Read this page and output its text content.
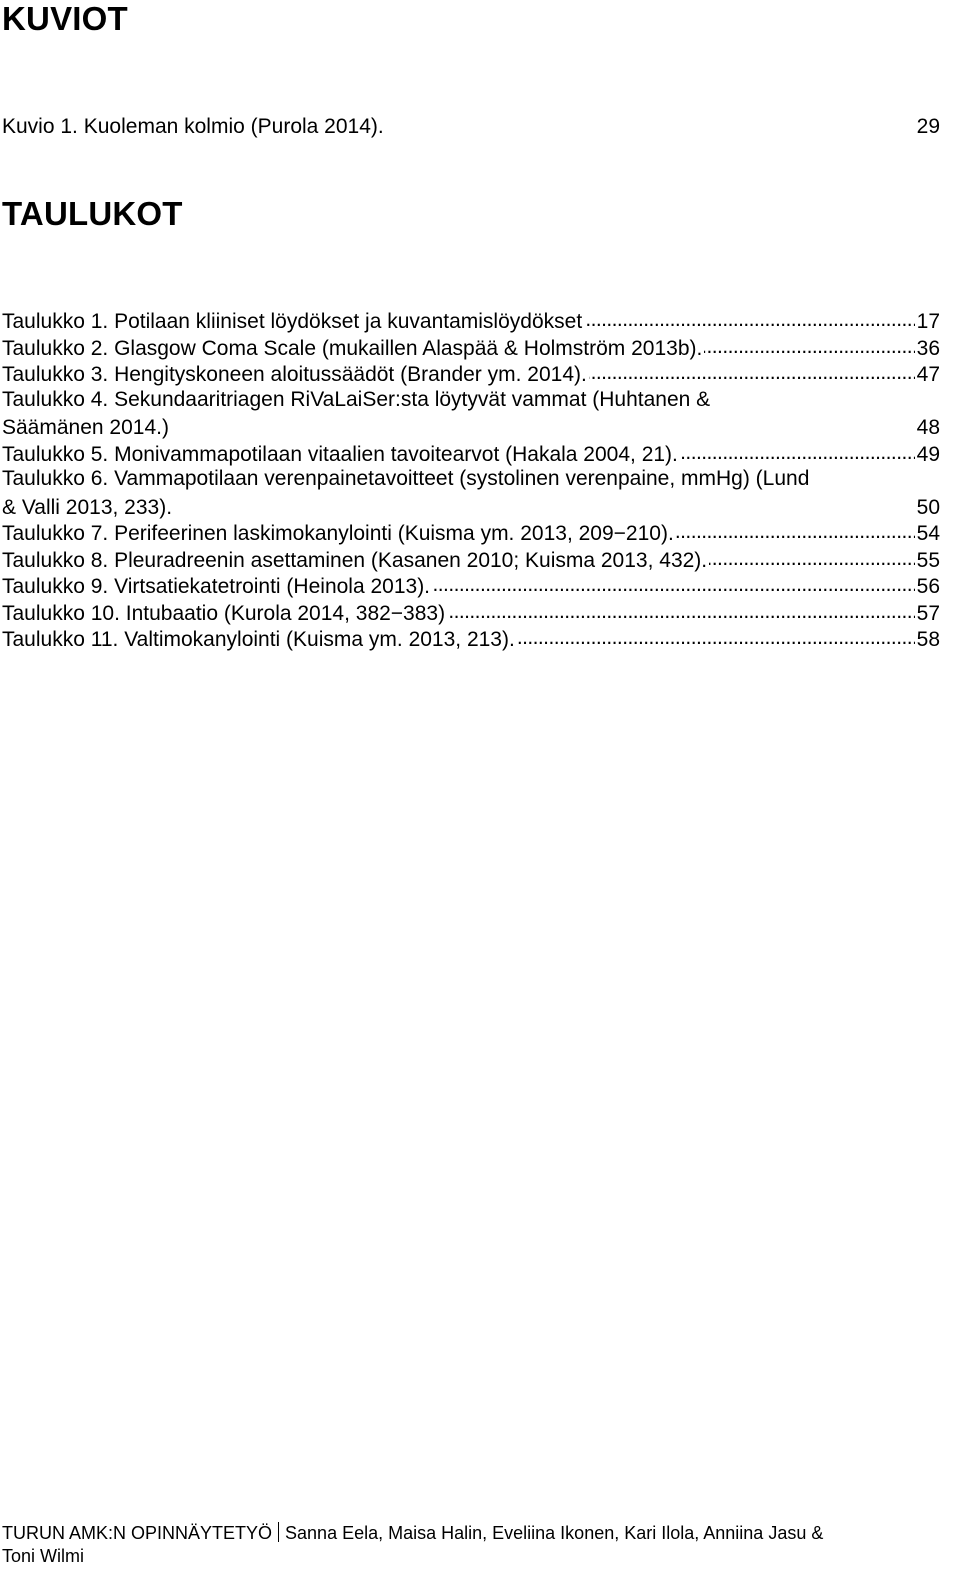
KUVIOT
Kuvio 1. Kuoleman kolmio (Purola 2014).	29
TAULUKOT
Taulukko 1. Potilaan kliiniset löydökset ja kuvantamislöydökset . . .	17
Taulukko 2. Glasgow Coma Scale (mukaillen Alaspää & Holmström 2013b). . . .	36
Taulukko 3. Hengityskoneen aloitussäädöt (Brander ym. 2014). . . .	47
Taulukko 4. Sekundaaritriagen RiVaLaiSer:sta löytyvät vammat (Huhtanen &
Säämänen 2014.)	48
Taulukko 5. Monivammapotilaan vitaalien tavoitearvot (Hakala 2004, 21). . . .	49
Taulukko 6. Vammapotilaan verenpainetavoitteet (systolinen verenpaine, mmHg) (Lund
& Valli 2013, 233).	50
Taulukko 7. Perifeerinen laskimokanylointi (Kuisma ym. 2013, 209−210). . . .	54
Taulukko 8. Pleuradreenin asettaminen (Kasanen 2010; Kuisma 2013, 432). . . .	55
Taulukko 9. Virtsatiekatetrointi (Heinola 2013). . . .	56
Taulukko 10. Intubaatio (Kurola 2014, 382−383) . . .	57
Taulukko 11. Valtimokanylointi (Kuisma ym. 2013, 213). . . .	58
TURUN AMK:N OPINNÄYTETYÖ Sanna Eela, Maisa Halin, Eveliina Ikonen, Kari Ilola, Anniina Jasu &
Toni Wilmi
